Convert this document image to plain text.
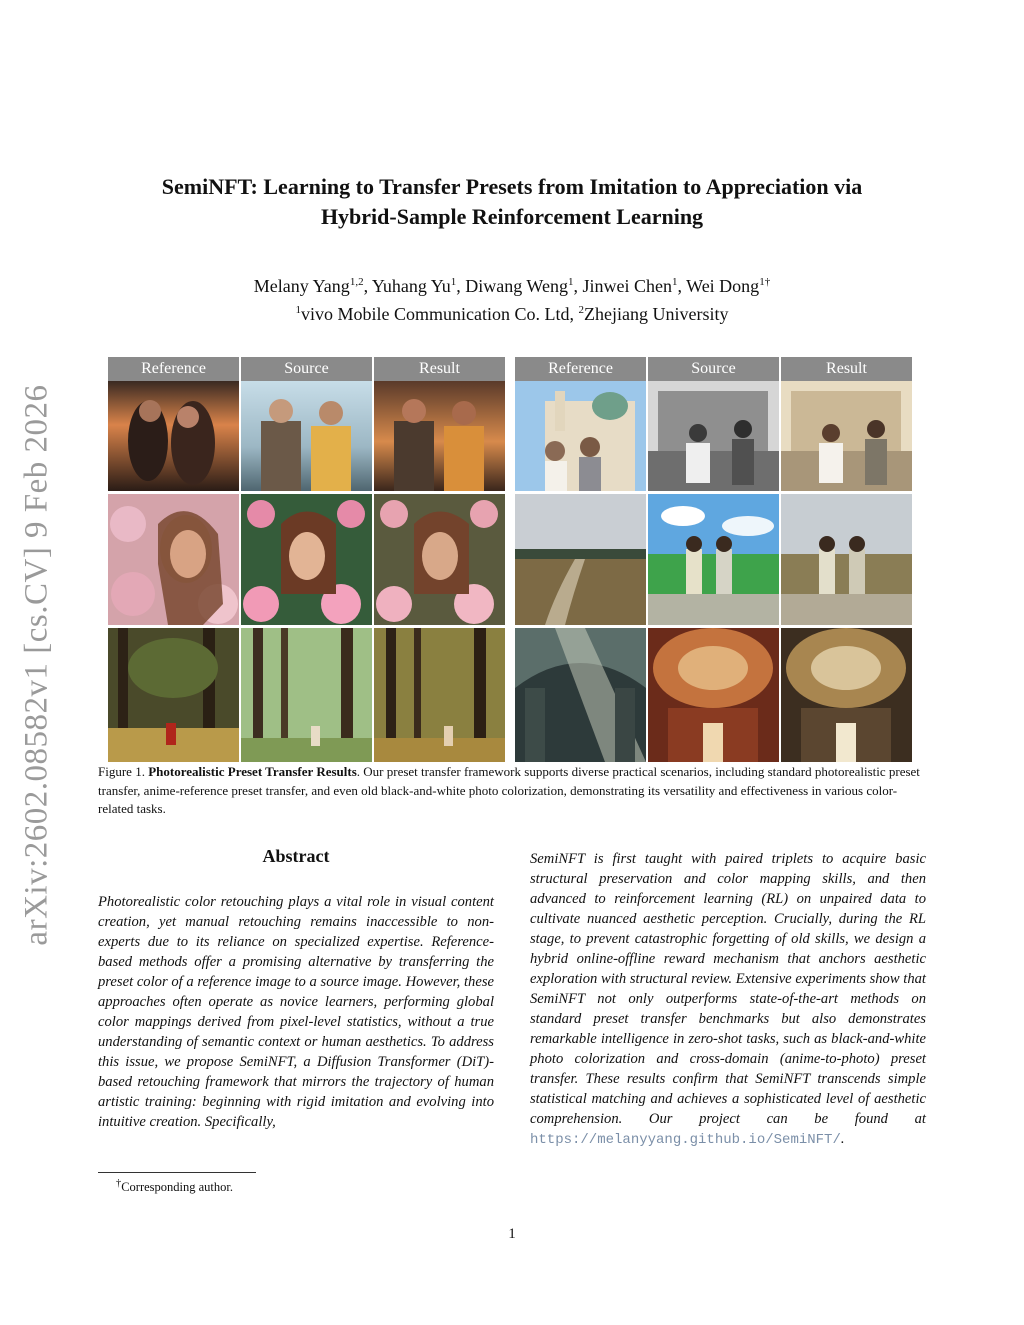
arXiv:2602.08582v1 [cs.CV] 9 Feb 2026
SemiNFT: Learning to Transfer Presets from Imitation to Appreciation via
Hybrid-Sample Reinforcement Learning
Melany Yang$^{1,2}$, Yuhang Yu$^1$, Diwang Weng$^1$, Jinwei Chen$^1$, Wei Dong$^{1\dagger}$
$^1$vivo Mobile Communication Co. Ltd, $^2$Zhejiang University
Reference	Source	Result	Reference	Source	Result
Figure 1. Photorealistic Preset Transfer Results. Our preset transfer framework supports diverse practical scenarios, including standard photorealistic preset transfer, anime-reference preset transfer, and even old black-and-white photo colorization, demonstrating its versatility and effectiveness in various color-related tasks.
Abstract
Photorealistic color retouching plays a vital role in visual content creation, yet manual retouching remains inaccessible to non-experts due to its reliance on specialized expertise. Reference-based methods offer a promising alternative by transferring the preset color of a reference image to a source image. However, these approaches often operate as novice learners, performing global color mappings derived from pixel-level statistics, without a true understanding of semantic context or human aesthetics. To address this issue, we propose SemiNFT, a Diffusion Transformer (DiT)-based retouching framework that mirrors the trajectory of human artistic training: beginning with rigid imitation and evolving into intuitive creation. Specifically,
SemiNFT is first taught with paired triplets to acquire basic structural preservation and color mapping skills, and then advanced to reinforcement learning (RL) on unpaired data to cultivate nuanced aesthetic perception. Crucially, during the RL stage, to prevent catastrophic forgetting of old skills, we design a hybrid online-offline reward mechanism that anchors aesthetic exploration with structural review. Extensive experiments show that SemiNFT not only outperforms state-of-the-art methods on standard preset transfer benchmarks but also demonstrates remarkable intelligence in zero-shot tasks, such as black-and-white photo colorization and cross-domain (anime-to-photo) preset transfer. These results confirm that SemiNFT transcends simple statistical matching and achieves a sophisticated level of aesthetic comprehension. Our project can be found at https://melanyyang.github.io/SemiNFT/.
†Corresponding author.
1
